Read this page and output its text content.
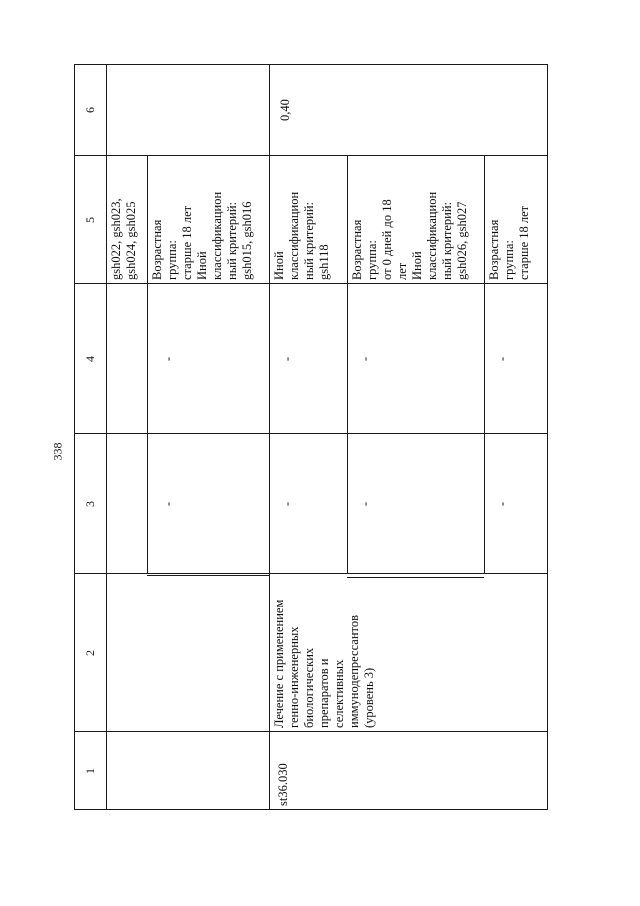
338
1
2
3
4
5
6
gsh022, gsh023,
gsh024, gsh025
-
-
Возрастная
группа:
старше 18 лет
Иной
классификацион
ный критерий:
gsh015, gsh016
st36.030
Лечение с применением
генно-инженерных
биологических
препаратов и
селективных
иммунодепрессантов
(уровень 3)
0,40
-
-
Иной
классификацион
ный критерий:
gsh118
-
-
Возрастная
группа:
от 0 дней до 18
лет
Иной
классификацион
ный критерий:
gsh026, gsh027
-
-
Возрастная
группа:
старше 18 лет
